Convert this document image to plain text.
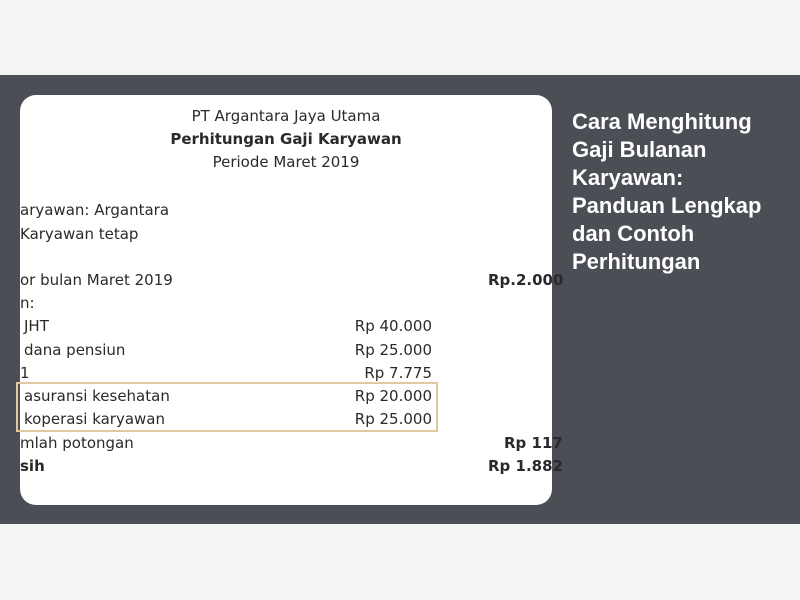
PT Argantara Jaya Utama
Perhitungan Gaji Karyawan
Periode Maret 2019
aryawan: Argantara
Karyawan tetap
or bulan Maret 2019	Rp.2.000
n:
JHT	Rp 40.000
dana pensiun	Rp 25.000
1	Rp 7.775
asuransi kesehatan	Rp 20.000
koperasi karyawan	Rp 25.000
mlah potongan	Rp 117
sih	Rp 1.882
Cara Menghitung Gaji Bulanan Karyawan: Panduan Lengkap dan Contoh Perhitungan
